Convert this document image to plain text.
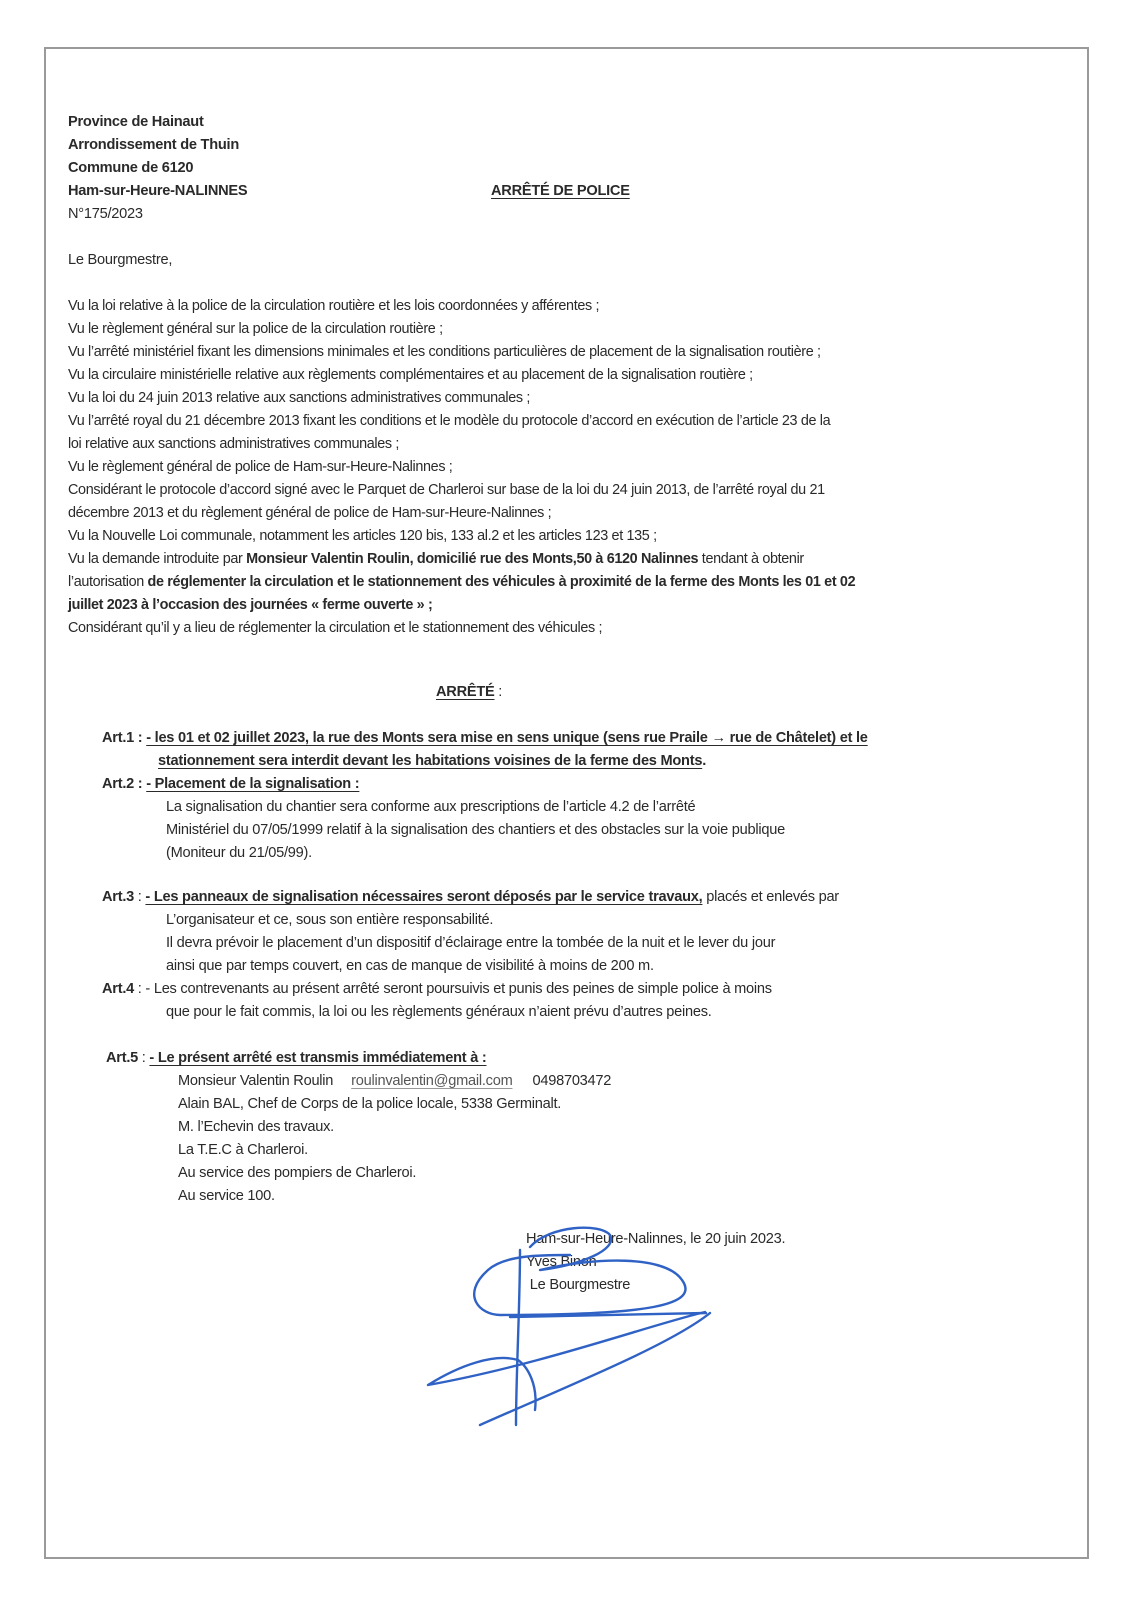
Province de Hainaut
Arrondissement de Thuin
Commune de 6120
Ham-sur-Heure-NALINNES
N°175/2023
ARRÊTÉ DE POLICE
Le Bourgmestre,
Vu la loi relative à la police de la circulation routière et les lois coordonnées y afférentes ;
Vu le règlement général sur la police de la circulation routière ;
Vu l’arrêté ministériel fixant les dimensions minimales et les conditions particulières de placement de la signalisation routière ;
Vu la circulaire ministérielle relative aux règlements complémentaires et au placement de la signalisation routière ;
Vu la loi du 24 juin 2013 relative aux sanctions administratives communales ;
Vu l’arrêté royal du 21 décembre 2013 fixant les conditions et le modèle du protocole d’accord en exécution de l’article 23 de la
loi relative aux sanctions administratives communales ;
Vu le règlement général de police de Ham-sur-Heure-Nalinnes ;
Considérant le protocole d’accord signé avec le Parquet de Charleroi sur base de la loi du 24 juin 2013, de l’arrêté royal du 21
décembre 2013 et du règlement général de police de Ham-sur-Heure-Nalinnes ;
Vu la Nouvelle Loi communale, notamment les articles 120 bis, 133 al.2 et les articles 123 et 135 ;
Vu la demande introduite par Monsieur Valentin Roulin, domicilié rue des Monts,50 à 6120 Nalinnes tendant à obtenir
l’autorisation de réglementer la circulation et le stationnement des véhicules à proximité de la ferme des Monts les 01 et 02
juillet 2023 à l’occasion des journées « ferme ouverte » ;
Considérant qu’il y a lieu de réglementer la circulation et le stationnement des véhicules ;
ARRÊTÉ :
Art.1 : - les 01 et 02 juillet 2023, la rue des Monts sera mise en sens unique (sens rue Praile → rue de Châtelet) et le
stationnement sera interdit devant les habitations voisines de la ferme des Monts.
Art.2 : - Placement de la signalisation :
La signalisation du chantier sera conforme aux prescriptions de l’article 4.2 de l’arrêté
Ministériel du 07/05/1999 relatif à la signalisation des chantiers et des obstacles sur la voie publique
(Moniteur du 21/05/99).
Art.3 : - Les panneaux de signalisation nécessaires seront déposés par le service travaux, placés et enlevés par
L’organisateur et ce, sous son entière responsabilité.
Il devra prévoir le placement d’un dispositif d’éclairage entre la tombée de la nuit et le lever du jour
ainsi que par temps couvert, en cas de manque de visibilité à moins de 200 m.
Art.4 : - Les contrevenants au présent arrêté seront poursuivis et punis des peines de simple police à moins
que pour le fait commis, la loi ou les règlements généraux n’aient prévu d’autres peines.
Art.5 : - Le présent arrêté est transmis immédiatement à :
Monsieur Valentin Roulin roulinvalentin@gmail.com 0498703472
Alain BAL, Chef de Corps de la police locale, 5338 Germinalt.
M. l’Echevin des travaux.
La T.E.C à Charleroi.
Au service des pompiers de Charleroi.
Au service 100.
Ham-sur-Heure-Nalinnes, le 20 juin 2023.
Yves Binon
Le Bourgmestre
